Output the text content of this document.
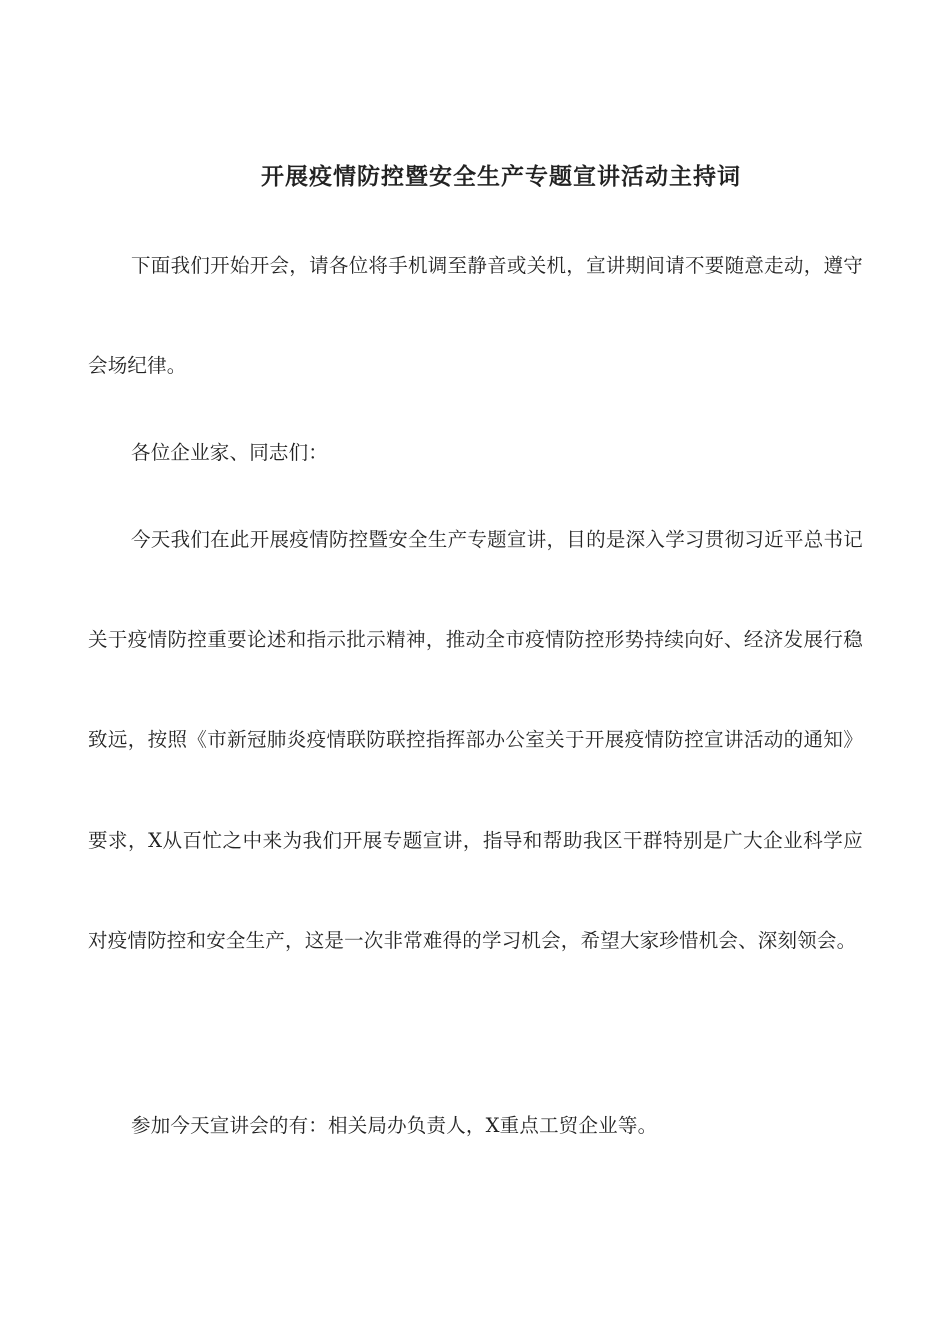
开展疫情防控暨安全生产专题宣讲活动主持词

下面我们开始开会，请各位将手机调至静音或关机，宣讲期间请不要随意走动，遵守会场纪律。

各位企业家、同志们：

今天我们在此开展疫情防控暨安全生产专题宣讲，目的是深入学习贯彻习近平总书记关于疫情防控重要论述和指示批示精神，推动全市疫情防控形势持续向好、经济发展行稳致远，按照《市新冠肺炎疫情联防联控指挥部办公室关于开展疫情防控宣讲活动的通知》要求，X从百忙之中来为我们开展专题宣讲，指导和帮助我区干群特别是广大企业科学应对疫情防控和安全生产，这是一次非常难得的学习机会，希望大家珍惜机会、深刻领会。

参加今天宣讲会的有：相关局办负责人，X重点工贸企业等。
